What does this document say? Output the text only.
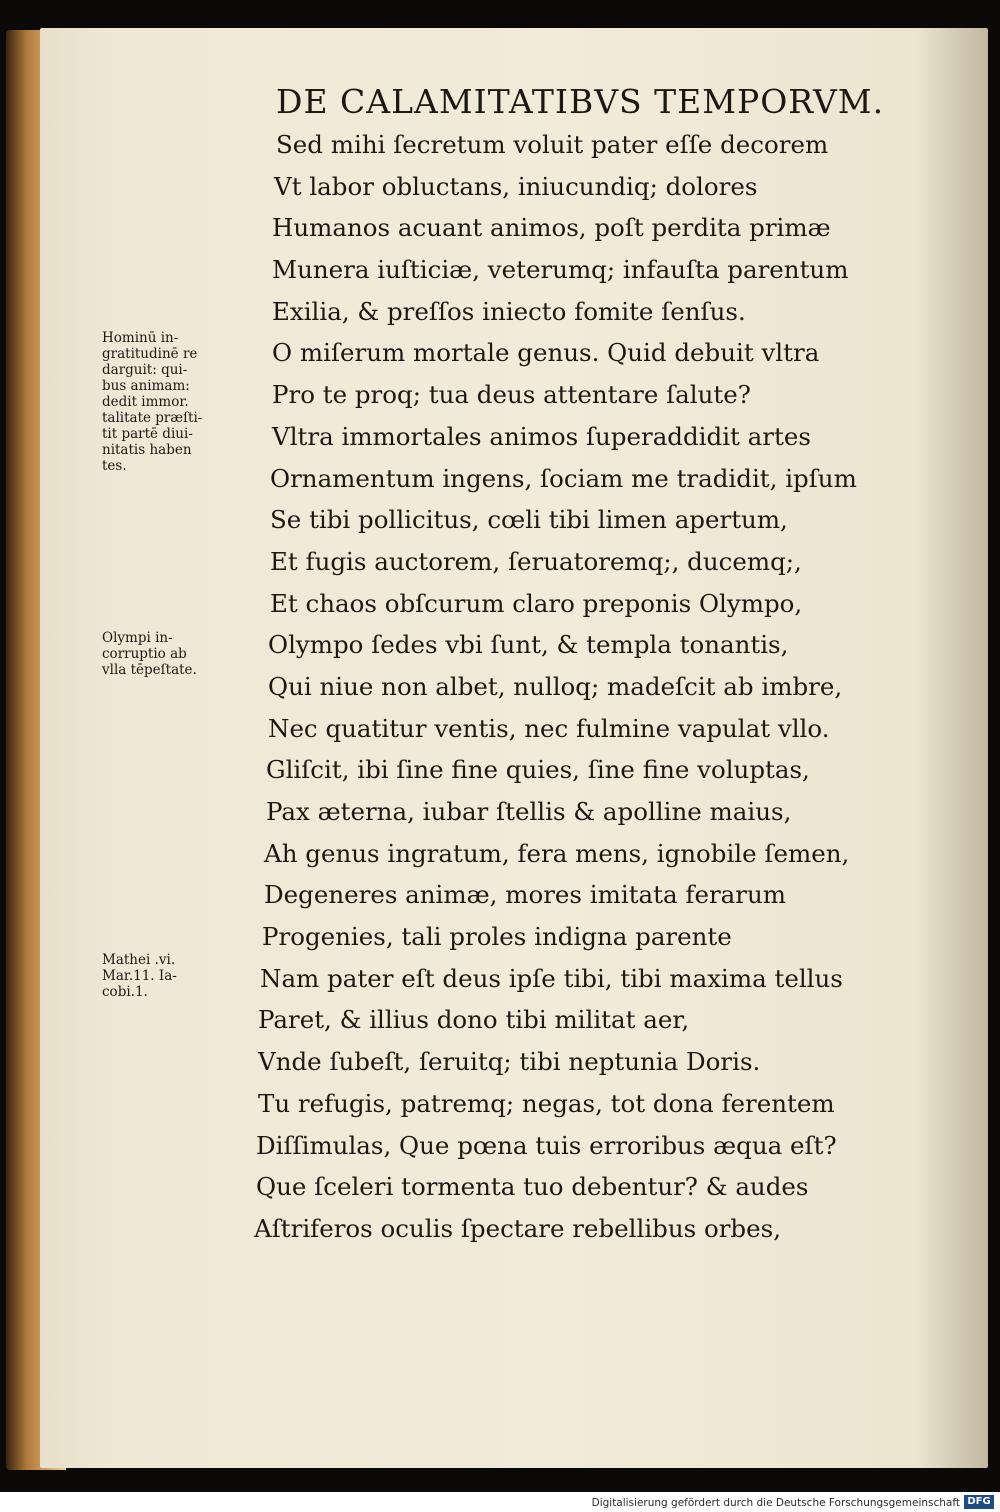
DE CALAMITATIBVS TEMPORVM.
Sed mihi ſecretum voluit pater eſſe decorem
Vt labor obluctans, iniucundiq; dolores
Humanos acuant animos, poſt perdita primæ
Munera iuſticiæ, veterumq; infauſta parentum
Exilia, & preſſos iniecto fomite ſenſus.
O miſerum mortale genus. Quid debuit vltra
Pro te proq; tua deus attentare ſalute?
Vltra immortales animos ſuperaddidit artes
Ornamentum ingens, ſociam me tradidit, ipſum
Se tibi pollicitus, cœli tibi limen apertum,
Et fugis auctorem, ſeruatoremq;, ducemq;,
Et chaos obſcurum claro preponis Olympo,
Olympo ſedes vbi ſunt, & templa tonantis,
Qui niue non albet, nulloq; madeſcit ab imbre,
Nec quatitur ventis, nec fulmine vapulat vllo.
Gliſcit, ibi ſine fine quies, ſine fine voluptas,
Pax æterna, iubar ſtellis & apolline maius,
Ah genus ingratum, fera mens, ignobile ſemen,
Degeneres animæ, mores imitata ferarum
Progenies, tali proles indigna parente
Nam pater eſt deus ipſe tibi, tibi maxima tellus
Paret, & illius dono tibi militat aer,
Vnde ſubeſt, ſeruitq; tibi neptunia Doris.
Tu refugis, patremq; negas, tot dona ferentem
Diſſimulas, Que pœna tuis erroribus æqua eſt?
Que ſceleri tormenta tuo debentur? & audes
Aſtriferos oculis ſpectare rebellibus orbes,
Hominū in-
gratitudinē re
darguit: qui-
bus animam:
dedit immor.
talitate præſti-
tit partē diui-
nitatis haben
tes.
Olympi in-
corruptio ab
vlla tēpeſtate.
Mathei .vi.
Mar.11. Ia-
cobi.1.
Digitalisierung gefördert durch die Deutsche Forschungsgemeinschaft DFG
